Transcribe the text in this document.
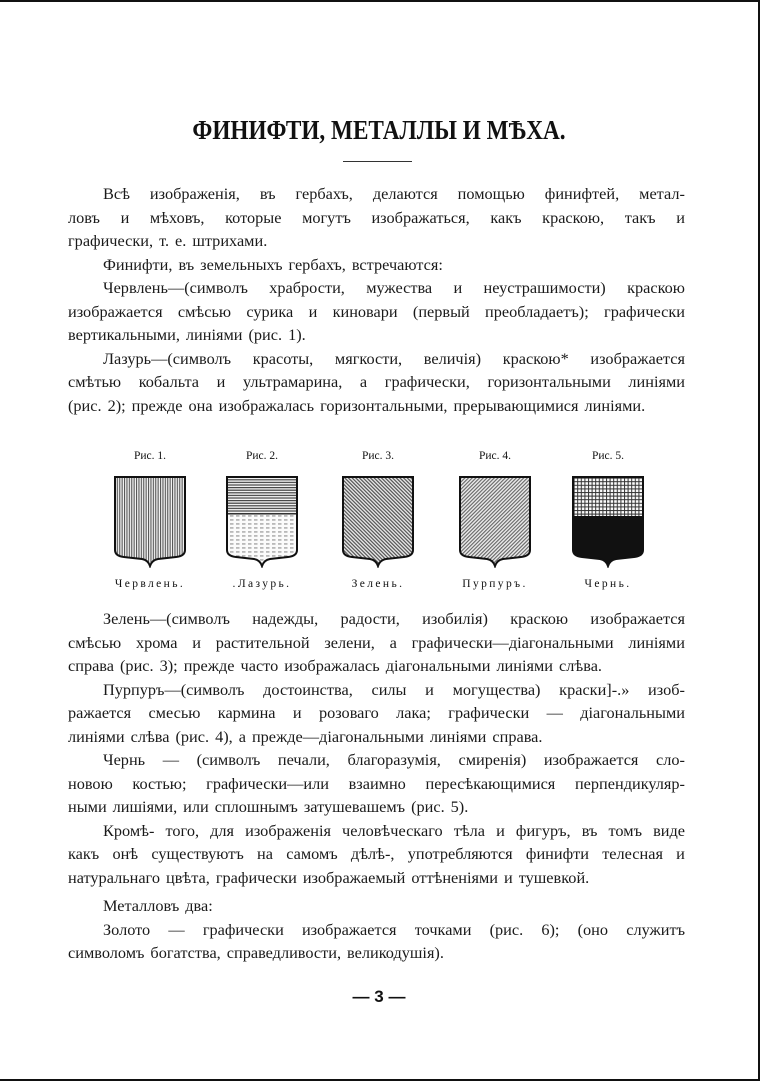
ФИНИФТИ, МЕТАЛЛЫ И МѢХА.
Всѣ изображенія, въ гербахъ, делаются помощью финифтей, метал-
ловъ и мѣховъ, которые могутъ изображаться, какъ краскою, такъ и
графически, т. е. штрихами.
Финифти, въ земельныхъ гербахъ, встречаются:
Червлень—(символъ храбрости, мужества и неустрашимости) краскою
изображается смѣсью сурика и киновари (первый преобладаетъ); графически
вертикальными, линіями (рис. 1).
Лазурь—(символъ красоты, мягкости, величія) краскою* изображается
смѣтью кобальта и ультрамарина, а графически, горизонтальными линіями
(рис. 2); прежде она изображалась горизонтальными, прерывающимися линіями.
Рис. 1.
Червлень.
Рис. 2.
.Лазурь.
Рис. 3.
Зелень.
Рис. 4.
Пурпуръ.
Рис. 5.
Чернь.
Зелень—(символъ надежды, радости, изобилія) краскою изображается
смѣсью хрома и растительной зелени, а графически—діагональными линіями
справа (рис. 3); прежде часто изображалась діагональными линіями слѣва.
Пурпуръ—(символъ достоинства, силы и могущества) краски]-.» изоб-
ражается смесью кармина и розоваго лака; графически — діагональными
линіями слѣва (рис. 4), а прежде—діагональными линіями справа.
Чернь — (символъ печали, благоразумія, смиренія) изображается сло-
новою костью; графически—или взаимно пересѣкающимися перпендикуляр-
ными лишіями, или сплошнымъ затушевашемъ (рис. 5).
Кромѣ- того, для изображенія человѣческаго тѣла и фигуръ, въ томъ виде
какъ онѣ существуютъ на самомъ дѣлѣ-, употребляются финифти телесная и
натуральнаго цвѣта, графически изображаемый оттѣненіями и тушевкой.
Металловъ два:
Золото — графически изображается точками (рис. 6); (оно служитъ
символомъ богатства, справедливости, великодушія).
— 3 —
